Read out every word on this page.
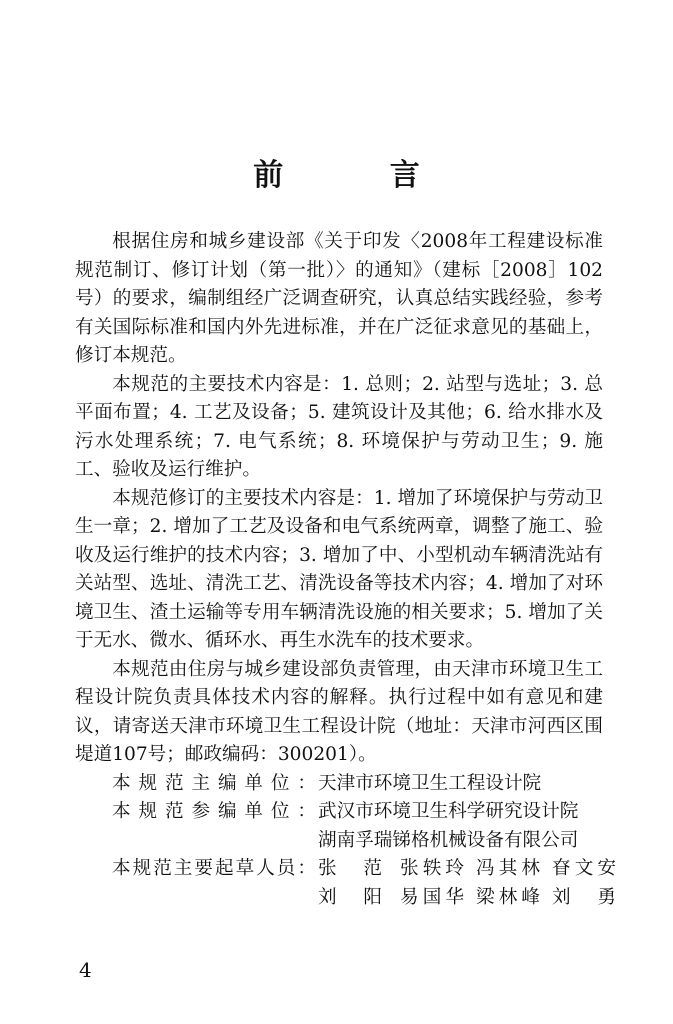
前 言

根据住房和城乡建设部《关于印发〈2008年工程建设标准规范制订、修订计划（第一批）〉的通知》（建标［2008］102号）的要求，编制组经广泛调查研究，认真总结实践经验，参考有关国际标准和国内外先进标准，并在广泛征求意见的基础上，修订本规范。

本规范的主要技术内容是：1. 总则；2. 站型与选址；3. 总平面布置；4. 工艺及设备；5. 建筑设计及其他；6. 给水排水及污水处理系统；7. 电气系统；8. 环境保护与劳动卫生；9. 施工、验收及运行维护。

本规范修订的主要技术内容是：1. 增加了环境保护与劳动卫生一章；2. 增加了工艺及设备和电气系统两章，调整了施工、验收及运行维护的技术内容；3. 增加了中、小型机动车辆清洗站有关站型、选址、清洗工艺、清洗设备等技术内容；4. 增加了对环境卫生、渣土运输等专用车辆清洗设施的相关要求；5. 增加了关于无水、微水、循环水、再生水洗车的技术要求。

本规范由住房与城乡建设部负责管理，由天津市环境卫生工程设计院负责具体技术内容的解释。执行过程中如有意见和建议，请寄送天津市环境卫生工程设计院（地址：天津市河西区围堤道107号；邮政编码：300201）。

本规范主编单位： 天津市环境卫生工程设计院
本规范参编单位： 武汉市环境卫生科学研究设计院
湖南孚瑞锑格机械设备有限公司
本规范主要起草人员： 张 范 张轶玲 冯其林 眘文安
刘 阳 易国华 梁林峰 刘 勇
4
